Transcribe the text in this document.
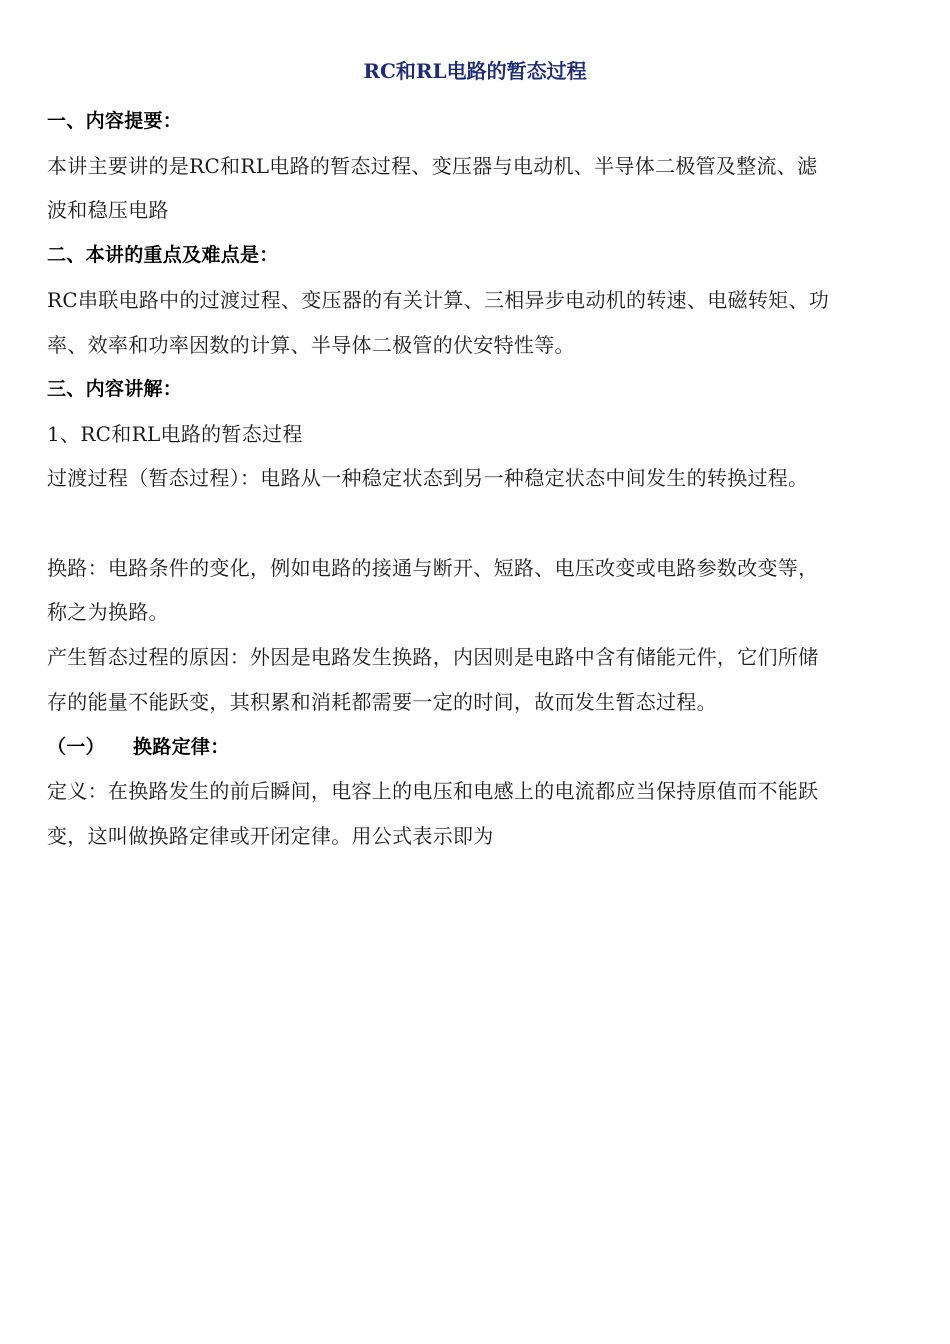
RC和RL电路的暂态过程
一、内容提要：
本讲主要讲的是RC和RL电路的暂态过程、变压器与电动机、半导体二极管及整流、滤
波和稳压电路
二、本讲的重点及难点是：
RC串联电路中的过渡过程、变压器的有关计算、三相异步电动机的转速、电磁转矩、功
率、效率和功率因数的计算、半导体二极管的伏安特性等。
三、内容讲解：
1、RC和RL电路的暂态过程
过渡过程（暂态过程）：电路从一种稳定状态到另一种稳定状态中间发生的转换过程。
换路：电路条件的变化，例如电路的接通与断开、短路、电压改变或电路参数改变等，
称之为换路。
产生暂态过程的原因：外因是电路发生换路，内因则是电路中含有储能元件，它们所储
存的能量不能跃变，其积累和消耗都需要一定的时间，故而发生暂态过程。
（一） 换路定律：
定义：在换路发生的前后瞬间，电容上的电压和电感上的电流都应当保持原值而不能跃
变，这叫做换路定律或开闭定律。用公式表示即为
